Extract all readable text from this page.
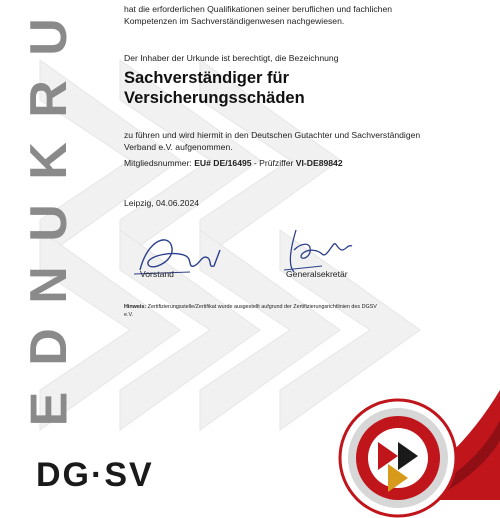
U
R
K
U
N
D
E

hat die erforderlichen Qualifikationen seiner beruflichen und fachlichen Kompetenzen im Sachverständigenwesen nachgewiesen.

Der Inhaber der Urkunde ist berechtigt, die Bezeichnung

Sachverständiger für
Versicherungsschäden

zu führen und wird hiermit in den Deutschen Gutachter und Sachverständigen Verband e.V. aufgenommen.

Mitgliedsnummer: EU# DE/16495 - Prüfziffer VI-DE89842
Leipzig, 04.06.2024
Vorstand	Generalsekretär
Hinweis: Zertifizierungsstelle/Zertifikat wurde ausgestellt aufgrund der Zertifizierungsrichtlinien des DGSV e.V.
DG·SV
